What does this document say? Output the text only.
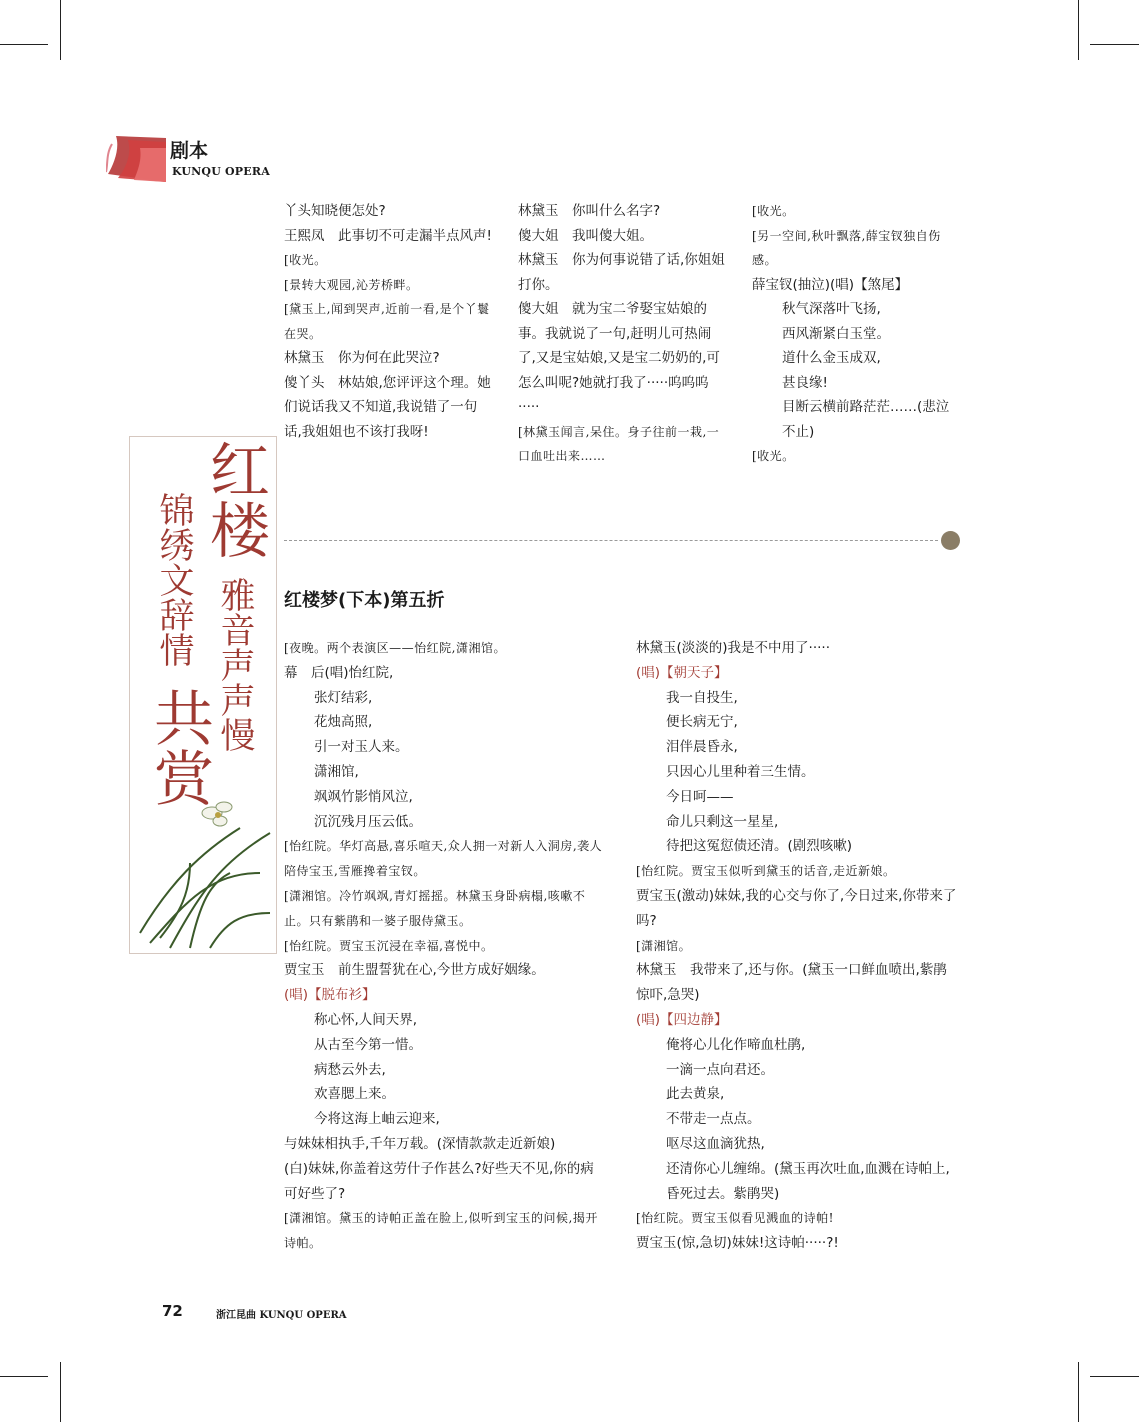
剧本
KUNQU OPERA

丫头知晓便怎处?

王熙凤　此事切不可走漏半点风声!

[收光。

[景转大观园,沁芳桥畔。

[黛玉上,闻到哭声,近前一看,是个丫鬟在哭。

林黛玉　你为何在此哭泣?

傻丫头　林姑娘,您评评这个理。她们说话我又不知道,我说错了一句话,我姐姐也不该打我呀!

林黛玉　你叫什么名字?

傻大姐　我叫傻大姐。

林黛玉　你为何事说错了话,你姐姐打你。

傻大姐　就为宝二爷娶宝姑娘的事。我就说了一句,赶明儿可热闹了,又是宝姑娘,又是宝二奶奶的,可怎么叫呢?她就打我了·····呜呜呜·····

[林黛玉闻言,呆住。身子往前一栽,一口血吐出来……

[收光。

[另一空间,秋叶飘落,薛宝钗独自伤感。

薛宝钗(抽泣)(唱)【煞尾】

秋气深落叶飞扬,

西风渐紧白玉堂。

道什么金玉成双,

甚良缘!

目断云横前路茫茫……(悲泣不止)

[收光。

红楼
锦绣文辞情 雅音声声慢
共赏
红楼梦(下本)第五折

[夜晚。两个表演区——怡红院,潇湘馆。

幕　后(唱)怡红院,

张灯结彩,

花烛高照,

引一对玉人来。

潇湘馆,

飒飒竹影悄风泣,

沉沉残月压云低。

[怡红院。华灯高悬,喜乐喧天,众人拥一对新人入洞房,袭人陪侍宝玉,雪雁搀着宝钗。

[潇湘馆。冷竹飒飒,青灯摇摇。林黛玉身卧病榻,咳嗽不止。只有紫鹃和一婆子服侍黛玉。

[怡红院。贾宝玉沉浸在幸福,喜悦中。

贾宝玉　前生盟誓犹在心,今世方成好姻缘。

(唱)【脱布衫】

称心怀,人间天界,

从古至今第一惜。

病愁云外去,

欢喜腮上来。

今将这海上岫云迎来,

与妹妹相执手,千年万载。(深情款款走近新娘)

(白)妹妹,你盖着这劳什子作甚么?好些天不见,你的病可好些了?

[潇湘馆。黛玉的诗帕正盖在脸上,似听到宝玉的问候,揭开诗帕。

林黛玉(淡淡的)我是不中用了·····

(唱)【朝天子】

我一自投生,

便长病无宁,

泪伴晨昏永,

只因心儿里种着三生情。

今日呵——

命儿只剩这一星星,

待把这冤愆债还清。(剧烈咳嗽)

[怡红院。贾宝玉似听到黛玉的话音,走近新娘。

贾宝玉(激动)妹妹,我的心交与你了,今日过来,你带来了吗?

[潇湘馆。

林黛玉　我带来了,还与你。(黛玉一口鲜血喷出,紫鹃惊吓,急哭)

(唱)【四边静】

俺将心儿化作啼血杜鹃,

一滴一点向君还。

此去黄泉,

不带走一点点。

呕尽这血滴犹热,

还清你心儿缠绵。(黛玉再次吐血,血溅在诗帕上,昏死过去。紫鹃哭)

[怡红院。贾宝玉似看见溅血的诗帕!

贾宝玉(惊,急切)妹妹!这诗帕·····?!

72	浙江昆曲 KUNQU OPERA
